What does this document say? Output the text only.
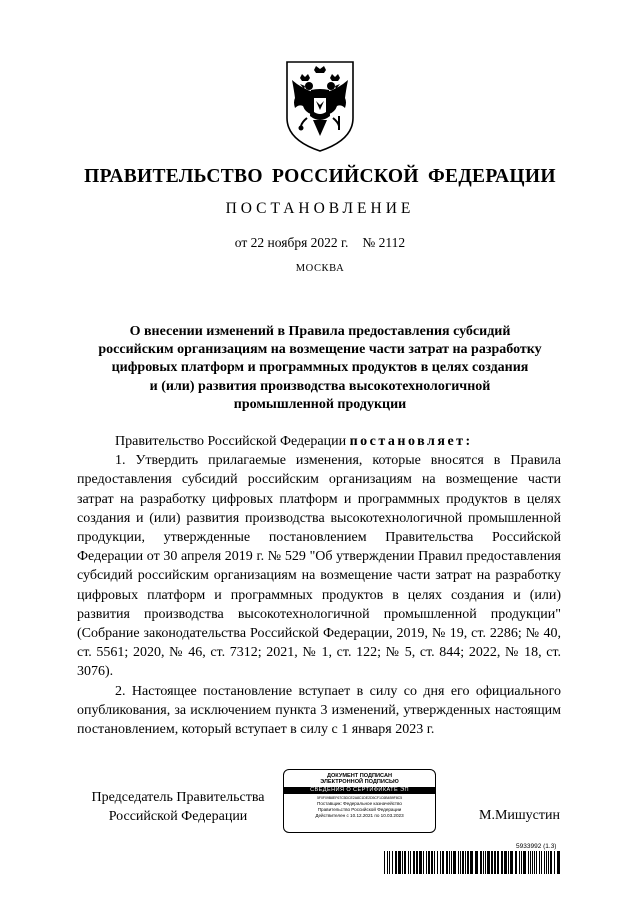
ПРАВИТЕЛЬСТВО РОССИЙСКОЙ ФЕДЕРАЦИИ
ПОСТАНОВЛЕНИЕ
от 22 ноября 2022 г. № 2112
МОСКВА
О внесении изменений в Правила предоставления субсидий
российским организациям на возмещение части затрат на разработку
цифровых платформ и программных продуктов в целях создания
и (или) развития производства высокотехнологичной
промышленной продукции

Правительство Российской Федерации постановляет:

1. Утвердить прилагаемые изменения, которые вносятся в Правила предоставления субсидий российским организациям на возмещение части затрат на разработку цифровых платформ и программных продуктов в целях создания и (или) развития производства высокотехнологичной промышленной продукции, утвержденные постановлением Правительства Российской Федерации от 30 апреля 2019 г. № 529 "Об утверждении Правил предоставления субсидий российским организациям на возмещение части затрат на разработку цифровых платформ и программных продуктов в целях создания и (или) развития производства высокотехнологичной промышленной продукции" (Собрание законодательства Российской Федерации, 2019, № 19, ст. 2286; № 40, ст. 5561; 2020, № 46, ст. 7312; 2021, № 1, ст. 122; № 5, ст. 844; 2022, № 18, ст. 3076).

2. Настоящее постановление вступает в силу со дня его официального опубликования, за исключением пункта 3 изменений, утвержденных настоящим постановлением, который вступает в силу с 1 января 2023 г.

Председатель Правительства
Российской Федерации
ДОКУМЕНТ ПОДПИСАН
ЭЛЕКТРОННОЙ ПОДПИСЬЮ
СВЕДЕНИЯ О СЕРТИФИКАТЕ ЭП
5F0F09B8EF67C5DCE2A8C1DE2D5CF1C6B4B9F8C5
Поставщик: Федеральное казначейство
Правительство Российской Федерации
Действителен с 10.12.2021 по 10.03.2023	М.Мишустин
5933992 (1.3)
